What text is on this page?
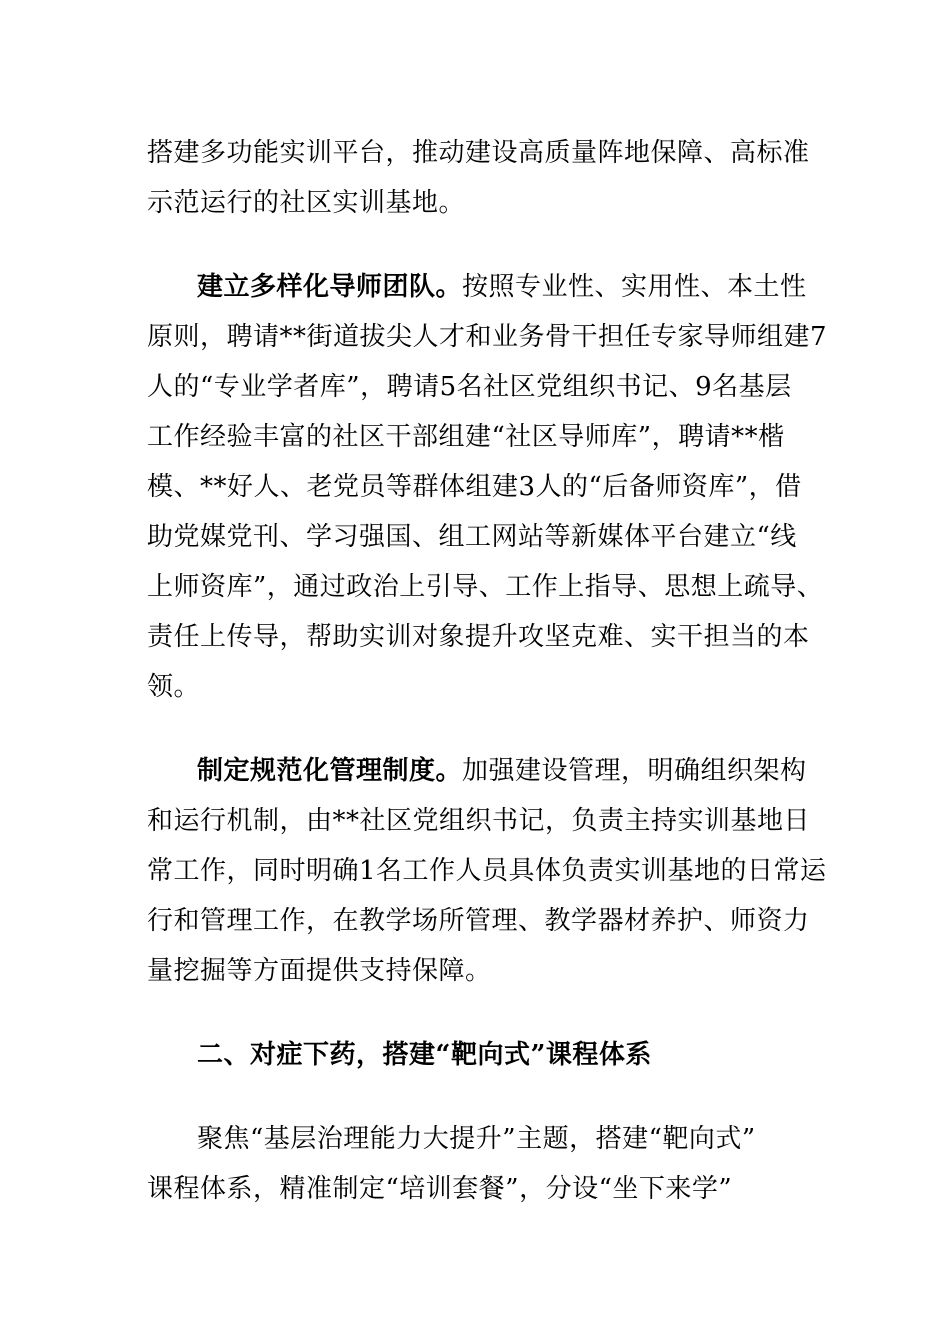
搭建多功能实训平台，推动建设高质量阵地保障、高标准
示范运行的社区实训基地。
建立多样化导师团队。按照专业性、实用性、本土性
原则，聘请**街道拔尖人才和业务骨干担任专家导师组建7
人的“专业学者库”，聘请5名社区党组织书记、9名基层
工作经验丰富的社区干部组建“社区导师库”，聘请**楷
模、**好人、老党员等群体组建3人的“后备师资库”，借
助党媒党刊、学习强国、组工网站等新媒体平台建立“线
上师资库”，通过政治上引导、工作上指导、思想上疏导、
责任上传导，帮助实训对象提升攻坚克难、实干担当的本
领。
制定规范化管理制度。加强建设管理，明确组织架构
和运行机制，由**社区党组织书记，负责主持实训基地日
常工作，同时明确1名工作人员具体负责实训基地的日常运
行和管理工作，在教学场所管理、教学器材养护、师资力
量挖掘等方面提供支持保障。
二、对症下药，搭建“靶向式”课程体系
聚焦“基层治理能力大提升”主题，搭建“靶向式”
课程体系，精准制定“培训套餐”，分设“坐下来学”
